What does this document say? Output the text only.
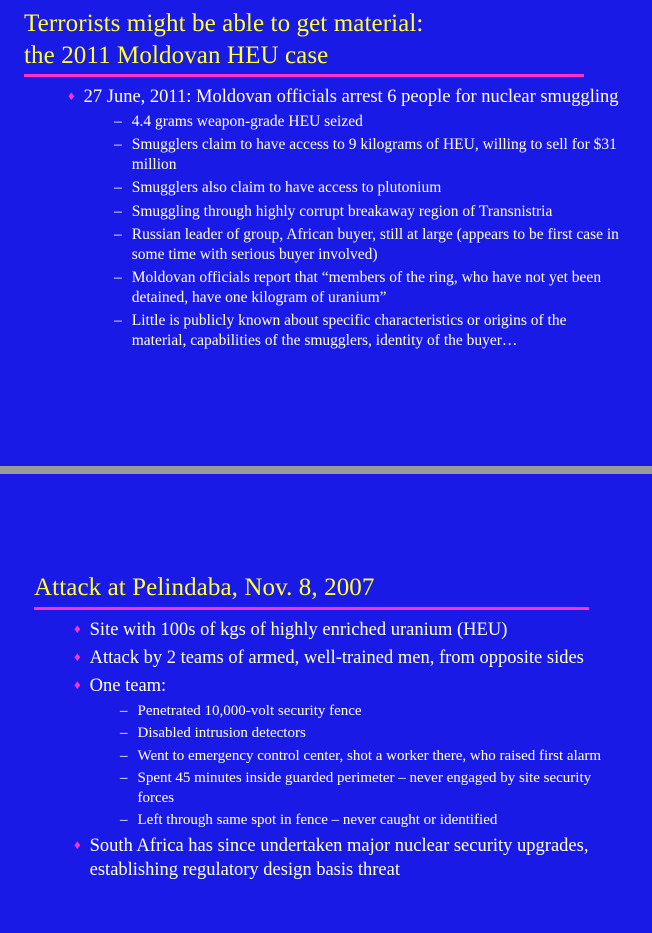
Terrorists might be able to get material:
the 2011 Moldovan HEU case
♦ 27 June, 2011: Moldovan officials arrest 6 people for nuclear smuggling
– 4.4 grams weapon-grade HEU seized
– Smugglers claim to have access to 9 kilograms of HEU, willing to sell for $31 million
– Smugglers also claim to have access to plutonium
– Smuggling through highly corrupt breakaway region of Transnistria
– Russian leader of group, African buyer, still at large (appears to be first case in some time with serious buyer involved)
– Moldovan officials report that “members of the ring, who have not yet been detained, have one kilogram of uranium”
– Little is publicly known about specific characteristics or origins of the material, capabilities of the smugglers, identity of the buyer…
Attack at Pelindaba, Nov. 8, 2007
♦ Site with 100s of kgs of highly enriched uranium (HEU)
♦ Attack by 2 teams of armed, well-trained men, from opposite sides
♦ One team:
– Penetrated 10,000-volt security fence
– Disabled intrusion detectors
– Went to emergency control center, shot a worker there, who raised first alarm
– Spent 45 minutes inside guarded perimeter – never engaged by site security forces
– Left through same spot in fence – never caught or identified
♦ South Africa has since undertaken major nuclear security upgrades, establishing regulatory design basis threat
